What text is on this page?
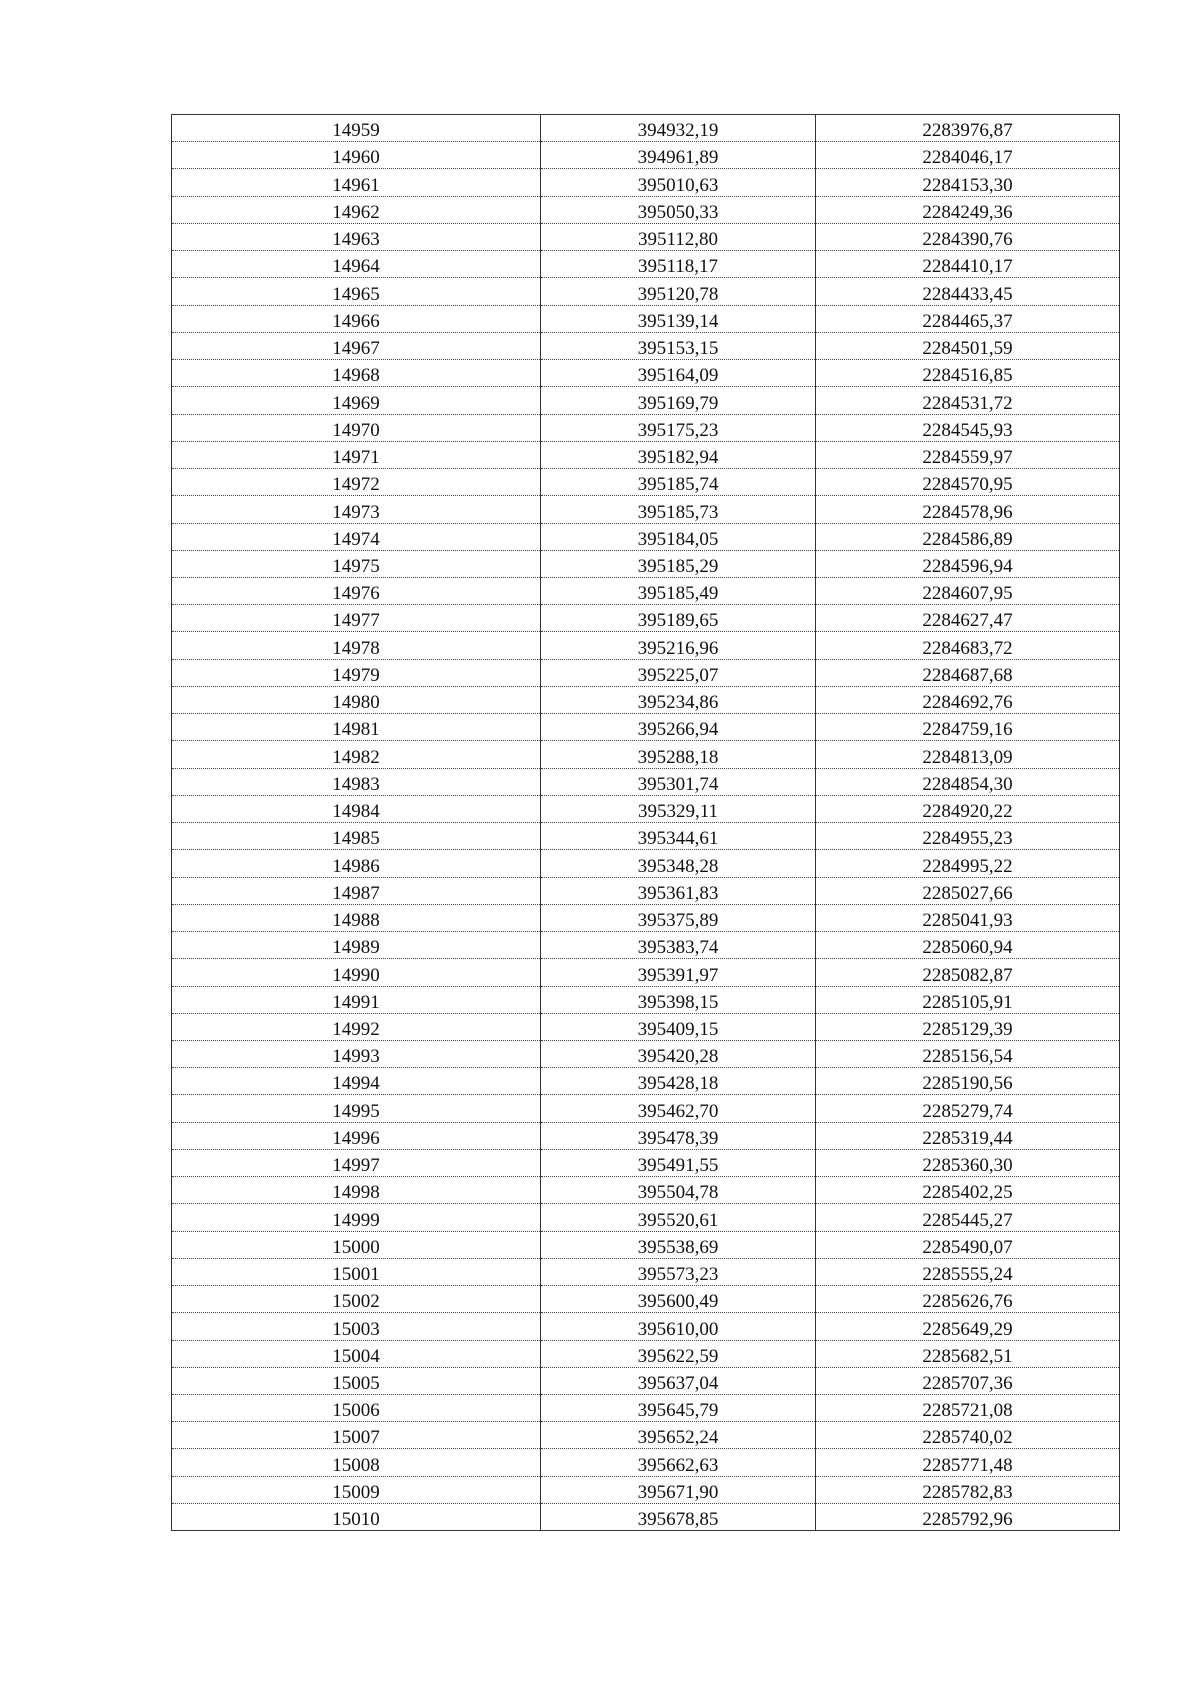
14959	394932,19	2283976,87
14960	394961,89	2284046,17
14961	395010,63	2284153,30
14962	395050,33	2284249,36
14963	395112,80	2284390,76
14964	395118,17	2284410,17
14965	395120,78	2284433,45
14966	395139,14	2284465,37
14967	395153,15	2284501,59
14968	395164,09	2284516,85
14969	395169,79	2284531,72
14970	395175,23	2284545,93
14971	395182,94	2284559,97
14972	395185,74	2284570,95
14973	395185,73	2284578,96
14974	395184,05	2284586,89
14975	395185,29	2284596,94
14976	395185,49	2284607,95
14977	395189,65	2284627,47
14978	395216,96	2284683,72
14979	395225,07	2284687,68
14980	395234,86	2284692,76
14981	395266,94	2284759,16
14982	395288,18	2284813,09
14983	395301,74	2284854,30
14984	395329,11	2284920,22
14985	395344,61	2284955,23
14986	395348,28	2284995,22
14987	395361,83	2285027,66
14988	395375,89	2285041,93
14989	395383,74	2285060,94
14990	395391,97	2285082,87
14991	395398,15	2285105,91
14992	395409,15	2285129,39
14993	395420,28	2285156,54
14994	395428,18	2285190,56
14995	395462,70	2285279,74
14996	395478,39	2285319,44
14997	395491,55	2285360,30
14998	395504,78	2285402,25
14999	395520,61	2285445,27
15000	395538,69	2285490,07
15001	395573,23	2285555,24
15002	395600,49	2285626,76
15003	395610,00	2285649,29
15004	395622,59	2285682,51
15005	395637,04	2285707,36
15006	395645,79	2285721,08
15007	395652,24	2285740,02
15008	395662,63	2285771,48
15009	395671,90	2285782,83
15010	395678,85	2285792,96
